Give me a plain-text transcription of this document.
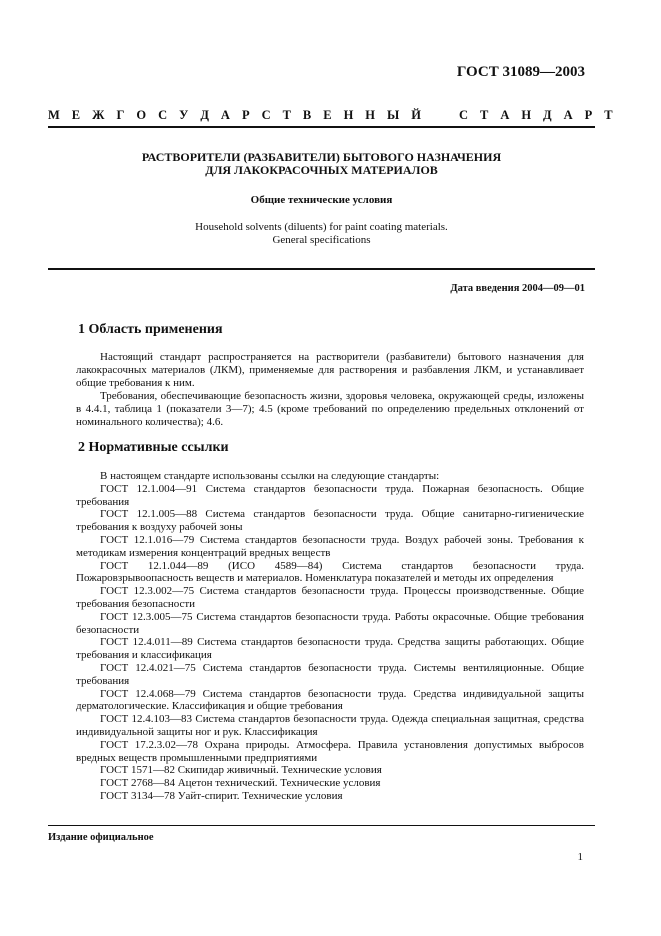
ГОСТ 31089—2003
М Е Ж Г О С У Д А Р С Т В Е Н Н Ы Й	С Т А Н Д А Р Т
РАСТВОРИТЕЛИ (РАЗБАВИТЕЛИ) БЫТОВОГО НАЗНАЧЕНИЯ
ДЛЯ ЛАКОКРАСОЧНЫХ МАТЕРИАЛОВ
Общие технические условия
Household solvents (diluents) for paint coating materials.
General specifications
Дата введения 2004—09—01
1 Область применения

Настоящий стандарт распространяется на растворители (разбавители) бытового назначения для лакокрасочных материалов (ЛКМ), применяемые для растворения и разбавления ЛКМ, и устанавливает общие требования к ним.

Требования, обеспечивающие безопасность жизни, здоровья человека, окружающей среды, изложены в 4.4.1, таблица 1 (показатели 3—7); 4.5 (кроме требований по определению предельных отклонений от номинального количества); 4.6.

2 Нормативные ссылки

В настоящем стандарте использованы ссылки на следующие стандарты:

ГОСТ 12.1.004—91 Система стандартов безопасности труда. Пожарная безопасность. Общие требования

ГОСТ 12.1.005—88 Система стандартов безопасности труда. Общие санитарно-гигиенические требования к воздуху рабочей зоны

ГОСТ 12.1.016—79 Система стандартов безопасности труда. Воздух рабочей зоны. Требования к методикам измерения концентраций вредных веществ

ГОСТ 12.1.044—89 (ИСО 4589—84) Система стандартов безопасности труда. Пожаровзрывоопасность веществ и материалов. Номенклатура показателей и методы их определения

ГОСТ 12.3.002—75 Система стандартов безопасности труда. Процессы производственные. Общие требования безопасности

ГОСТ 12.3.005—75 Система стандартов безопасности труда. Работы окрасочные. Общие требования безопасности

ГОСТ 12.4.011—89 Система стандартов безопасности труда. Средства защиты работающих. Общие требования и классификация

ГОСТ 12.4.021—75 Система стандартов безопасности труда. Системы вентиляционные. Общие требования

ГОСТ 12.4.068—79 Система стандартов безопасности труда. Средства индивидуальной защиты дерматологические. Классификация и общие требования

ГОСТ 12.4.103—83 Система стандартов безопасности труда. Одежда специальная защитная, средства индивидуальной защиты ног и рук. Классификация

ГОСТ 17.2.3.02—78 Охрана природы. Атмосфера. Правила установления допустимых выбросов вредных веществ промышленными предприятиями

ГОСТ 1571—82 Скипидар живичный. Технические условия

ГОСТ 2768—84 Ацетон технический. Технические условия

ГОСТ 3134—78 Уайт-спирит. Технические условия

Издание официальное
1
